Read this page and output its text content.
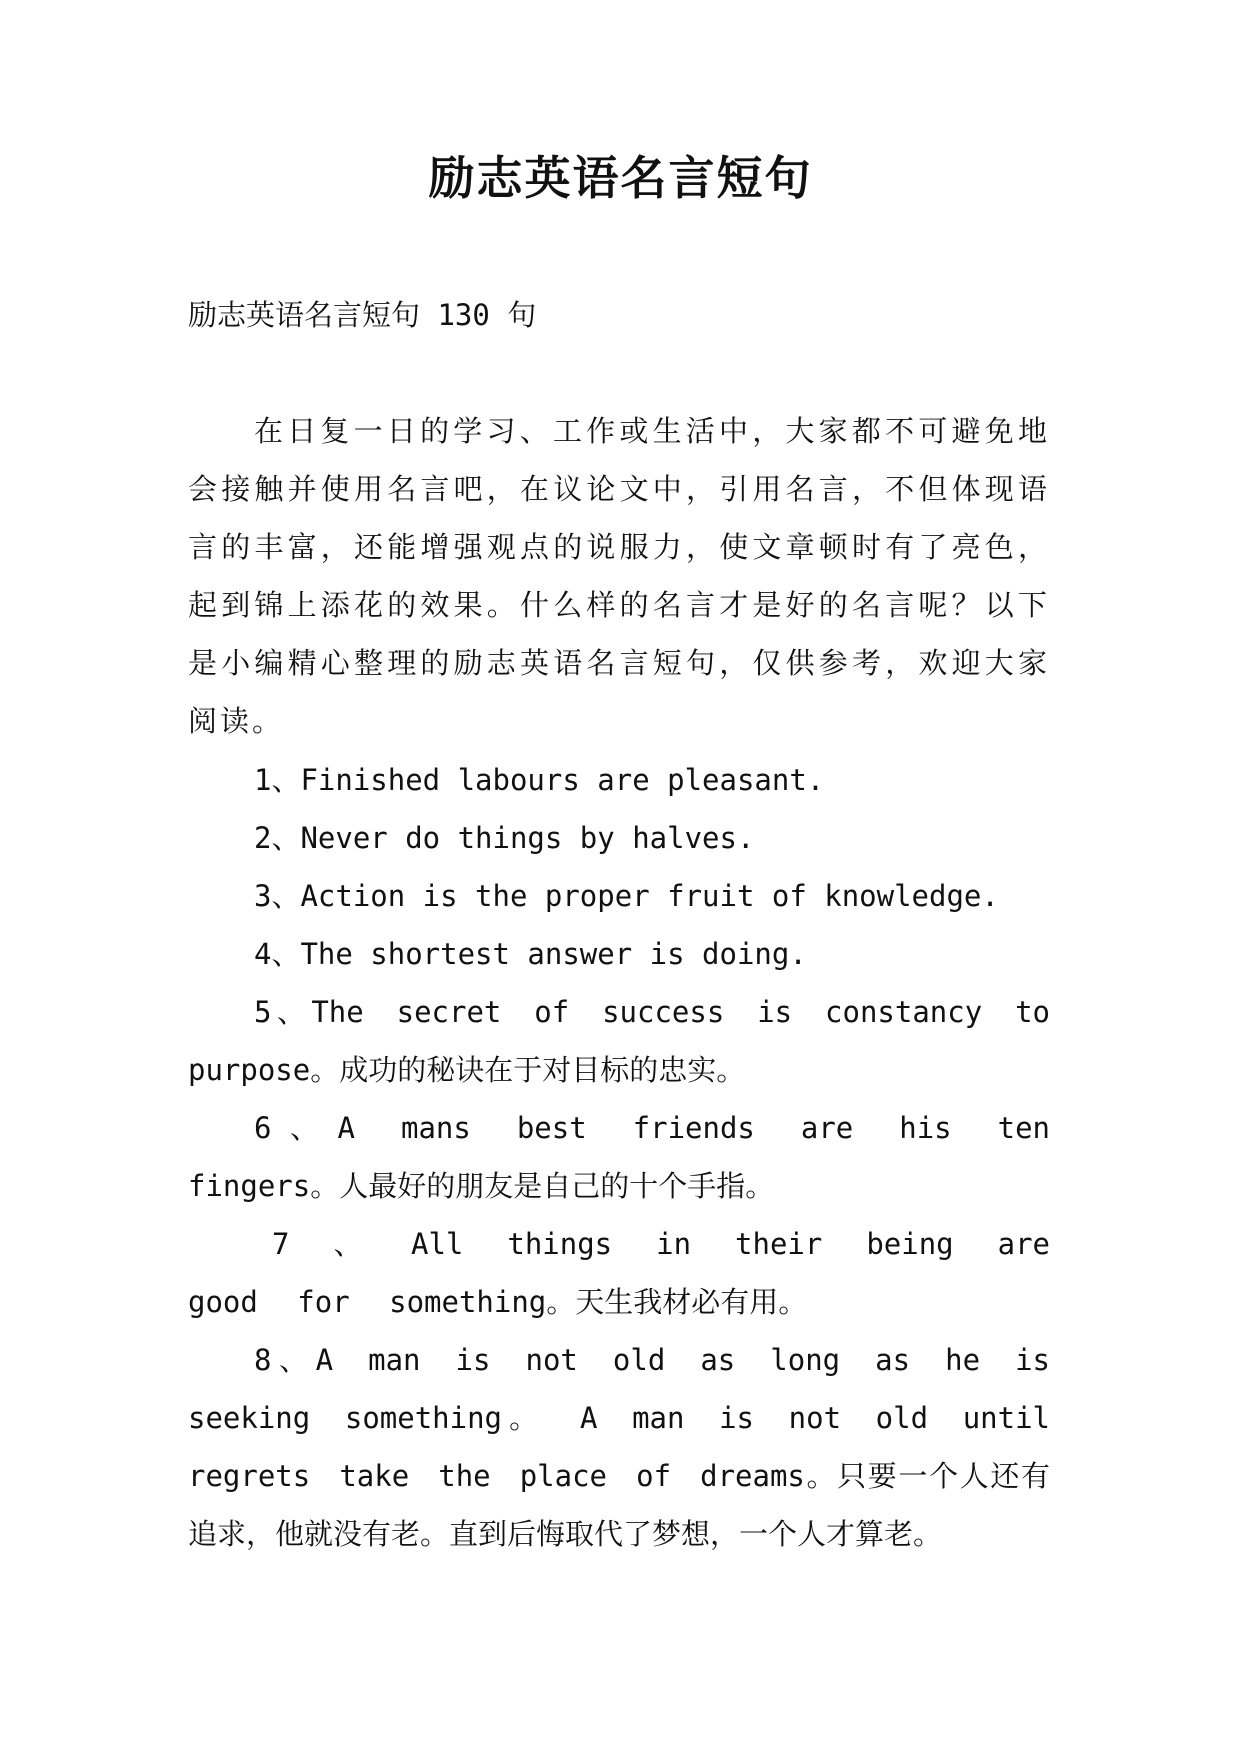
励志英语名言短句

励志英语名言短句 130 句

在日复一日的学习、工作或生活中，大家都不可避免地会接触并使用名言吧，在议论文中，引用名言，不但体现语言的丰富，还能增强观点的说服力，使文章顿时有了亮色，起到锦上添花的效果。什么样的名言才是好的名言呢？以下是小编精心整理的励志英语名言短句，仅供参考，欢迎大家阅读。

1、Finished labours are pleasant.
2、Never do things by halves.
3、Action is the proper fruit of knowledge.
4、The shortest answer is doing.
5、The secret of success is constancy to purpose。成功的秘诀在于对目标的忠实。
6、A mans best friends are his ten fingers。人最好的朋友是自己的十个手指。
7 、 All things in their being are good for something。天生我材必有用。
8、A man is not old as long as he is seeking something。 A man is not old until regrets take the place of dreams。只要一个人还有追求，他就没有老。直到后悔取代了梦想，一个人才算老。
